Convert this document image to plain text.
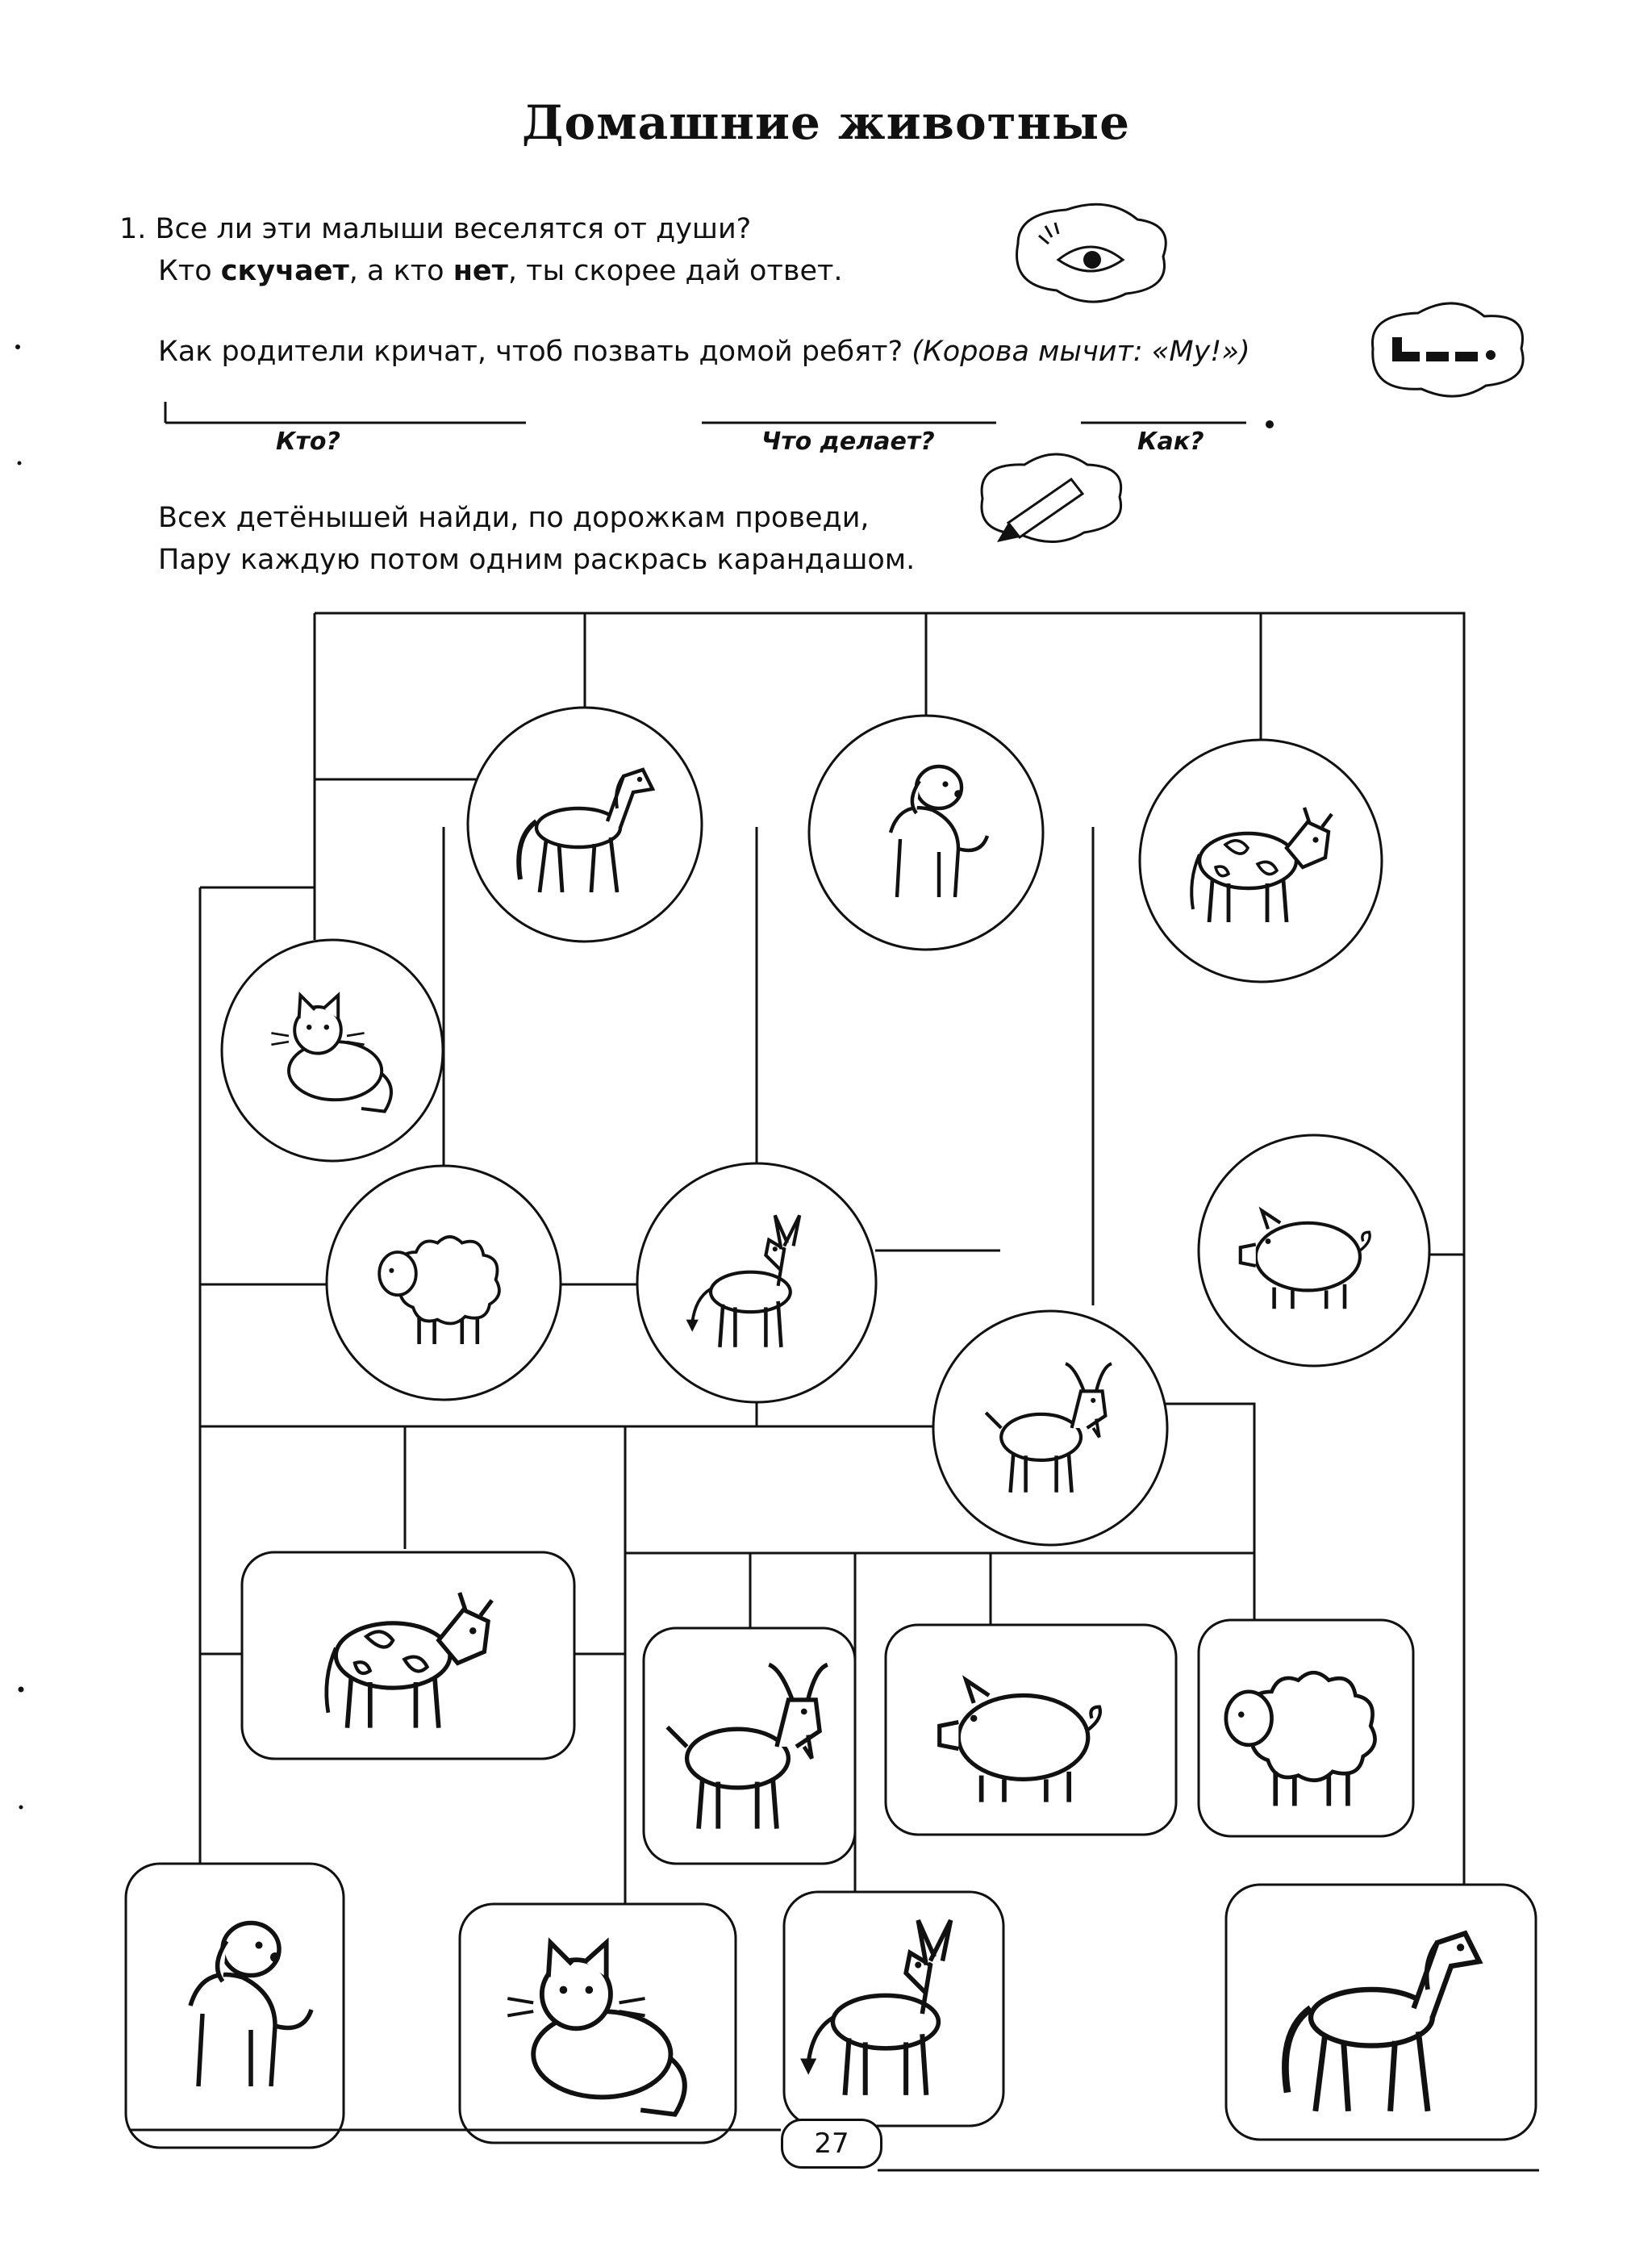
Домашние животные
1. Все ли эти малыши веселятся от души?
Кто скучает, а кто нет, ты скорее дай ответ.
Как родители кричат, чтоб позвать домой ребят? (Корова мычит: «Му!»)
Кто?	Что делает?	Как?
Всех детёнышей найди, по дорожкам проведи,
Пару каждую потом одним раскрась карандашом.
27
